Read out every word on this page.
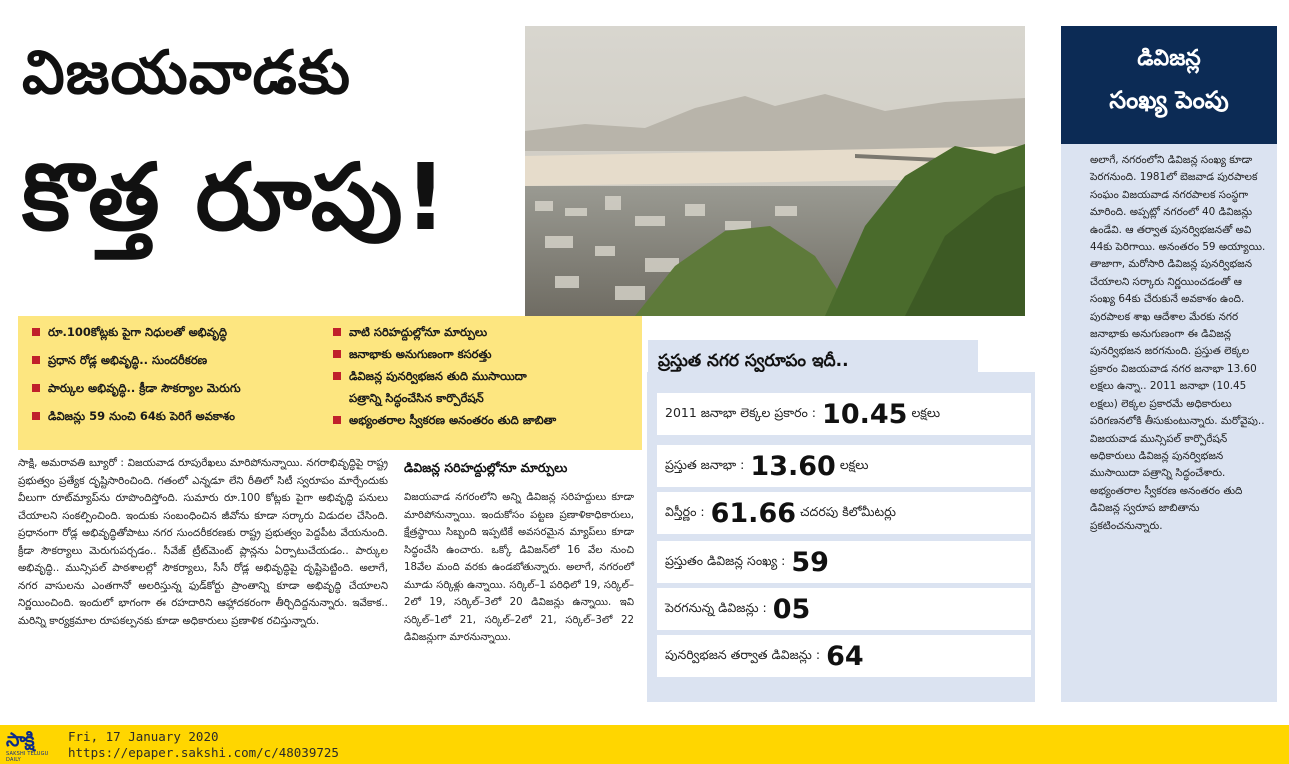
విజయవాడకు
కొత్త రూపు!
రూ.100కోట్లకు పైగా నిధులతో అభివృద్ధి
ప్రధాన రోడ్ల అభివృద్ధి.. సుందరీకరణ
పార్కుల అభివృద్ధి.. క్రీడా సౌకర్యాల మెరుగు
డివిజన్లు 59 నుంచి 64కు పెరిగే అవకాశం
వాటి సరిహద్దుల్లోనూ మార్పులు
జనాభాకు అనుగుణంగా కసరత్తు
డివిజన్ల పునర్విభజన తుది ముసాయిదా
పత్రాన్ని సిద్ధంచేసిన కార్పొరేషన్
అభ్యంతరాల స్వీకరణ అనంతరం తుది జాబితా
సాక్షి, అమరావతి బ్యూరో : విజయవాడ రూపురేఖలు మారిపోనున్నాయి. నగరాభివృద్ధిపై రాష్ట్ర ప్రభుత్వం ప్రత్యేక దృష్టిసారించింది. గతంలో ఎన్నడూ లేని రీతిలో సిటీ స్వరూపం మార్చేందుకు వీలుగా రూట్‌మ్యాప్‌ను రూపొందిస్తోంది. సుమారు రూ.100 కోట్లకు పైగా అభివృద్ధి పనులు చేయాలని సంకల్పించింది. ఇందుకు సంబంధించిన జీవోను కూడా సర్కారు విడుదల చేసింది. ప్రధానంగా రోడ్ల అభివృద్ధితోపాటు నగర సుందరీకరణకు రాష్ట్ర ప్రభుత్వం పెద్దపీట వేయనుంది. క్రీడా సౌకర్యాలు మెరుగుపర్చడం.. సీవేజ్ ట్రీట్‌మెంట్ ప్లాన్లను ఏర్పాటుచేయడం.. పార్కుల అభివృద్ధి.. మున్సిపల్ పాఠశాలల్లో సౌకర్యాలు, సీసీ రోడ్ల అభివృద్ధిపై దృష్టిపెట్టింది. అలాగే, నగర వాసులను ఎంతగానో అలరిస్తున్న ఫుడ్‌కోర్టు ప్రాంతాన్ని కూడా అభివృద్ధి చేయాలని నిర్ణయించింది. ఇందులో భాగంగా ఈ రహదారిని ఆహ్లాదకరంగా తీర్చిదిద్దనున్నారు. ఇవేకాక.. మరిన్ని కార్యక్రమాల రూపకల్పనకు కూడా అధికారులు ప్రణాళిక రచిస్తున్నారు.
డివిజన్ల సరిహద్దుల్లోనూ మార్పులు

విజయవాడ నగరంలోని అన్ని డివిజన్ల సరిహద్దులు కూడా మారిపోనున్నాయి. ఇందుకోసం పట్టణ ప్రణాళికాధికారులు, క్షేత్రస్థాయి సిబ్బంది ఇప్పటికే అవసరమైన మ్యాప్‌లు కూడా సిద్ధంచేసి ఉంచారు. ఒక్కో డివిజన్‌లో 16 వేల నుంచి 18వేల మంది వరకు ఉండబోతున్నారు. అలాగే, నగరంలో మూడు సర్కిళ్లు ఉన్నాయి. సర్కిల్–1 పరిధిలో 19, సర్కిల్–2లో 19, సర్కిల్–3లో 20 డివిజన్లు ఉన్నాయి. ఇవి సర్కిల్–1లో 21, సర్కిల్–2లో 21, సర్కిల్–3లో 22 డివిజన్లుగా మారనున్నాయి.

ప్రస్తుత నగర స్వరూపం ఇదీ..
2011 జనాభా లెక్కల ప్రకారం : 10.45 లక్షలు
ప్రస్తుత జనాభా : 13.60 లక్షలు
విస్తీర్ణం : 61.66 చదరపు కిలోమీటర్లు
ప్రస్తుతం డివిజన్ల సంఖ్య : 59
పెరగనున్న డివిజన్లు : 05
పునర్విభజన తర్వాత డివిజన్లు : 64
డివిజన్ల
సంఖ్య పెంపు
అలాగే, నగరంలోని డివిజన్ల సంఖ్య కూడా పెరగనుంది. 1981లో బెజవాడ పురపాలక సంఘం విజయవాడ నగరపాలక సంస్థగా మారింది. అప్పట్లో నగరంలో 40 డివిజన్లు ఉండేవి. ఆ తర్వాత పునర్విభజనతో అవి 44కు పెరిగాయి. అనంతరం 59 అయ్యాయి. తాజాగా, మరోసారి డివిజన్ల పునర్విభజన చేయాలని సర్కారు నిర్ణయించడంతో ఆ సంఖ్య 64కు చేరుకునే అవకాశం ఉంది. పురపాలక శాఖ ఆదేశాల మేరకు నగర జనాభాకు అనుగుణంగా ఈ డివిజన్ల పునర్విభజన జరగనుంది. ప్రస్తుత లెక్కల ప్రకారం విజయవాడ నగర జనాభా 13.60 లక్షలు ఉన్నా.. 2011 జనాభా (10.45 లక్షలు) లెక్కల ప్రకారమే అధికారులు పరిగణనలోకి తీసుకుంటున్నారు. మరోవైపు.. విజయవాడ మున్సిపల్ కార్పొరేషన్ అధికారులు డివిజన్ల పునర్విభజన ముసాయిదా పత్రాన్ని సిద్ధంచేశారు. అభ్యంతరాల స్వీకరణ అనంతరం తుది డివిజన్ల స్వరూప జాబితాను ప్రకటించనున్నారు.
సాక్షి
SAKSHI TELUGU DAILY
Fri, 17 January 2020
https://epaper.sakshi.com/c/48039725
